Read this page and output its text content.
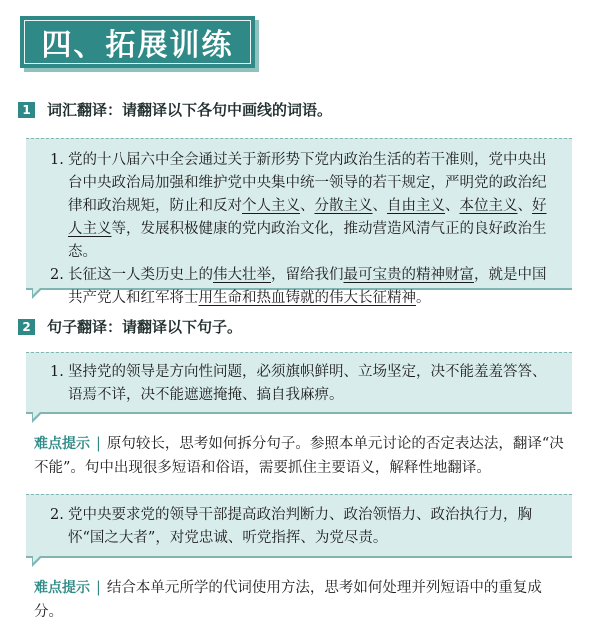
四、拓展训练
1 词汇翻译：请翻译以下各句中画线的词语。
1. 党的十八届六中全会通过关于新形势下党内政治生活的若干准则，党中央出台中央政治局加强和维护党中央集中统一领导的若干规定，严明党的政治纪律和政治规矩，防止和反对个人主义、分散主义、自由主义、本位主义、好人主义等，发展积极健康的党内政治文化，推动营造风清气正的良好政治生态。
2. 长征这一人类历史上的伟大壮举，留给我们最可宝贵的精神财富，就是中国共产党人和红军将士用生命和热血铸就的伟大长征精神。
2 句子翻译：请翻译以下句子。
1. 坚持党的领导是方向性问题，必须旗帜鲜明、立场坚定，决不能羞羞答答、语焉不详，决不能遮遮掩掩、搞自我麻痹。
难点提示 | 原句较长，思考如何拆分句子。参照本单元讨论的否定表达法，翻译“决不能”。句中出现很多短语和俗语，需要抓住主要语义，解释性地翻译。
2. 党中央要求党的领导干部提高政治判断力、政治领悟力、政治执行力，胸怀“国之大者”，对党忠诚、听党指挥、为党尽责。
难点提示 | 结合本单元所学的代词使用方法，思考如何处理并列短语中的重复成分。
